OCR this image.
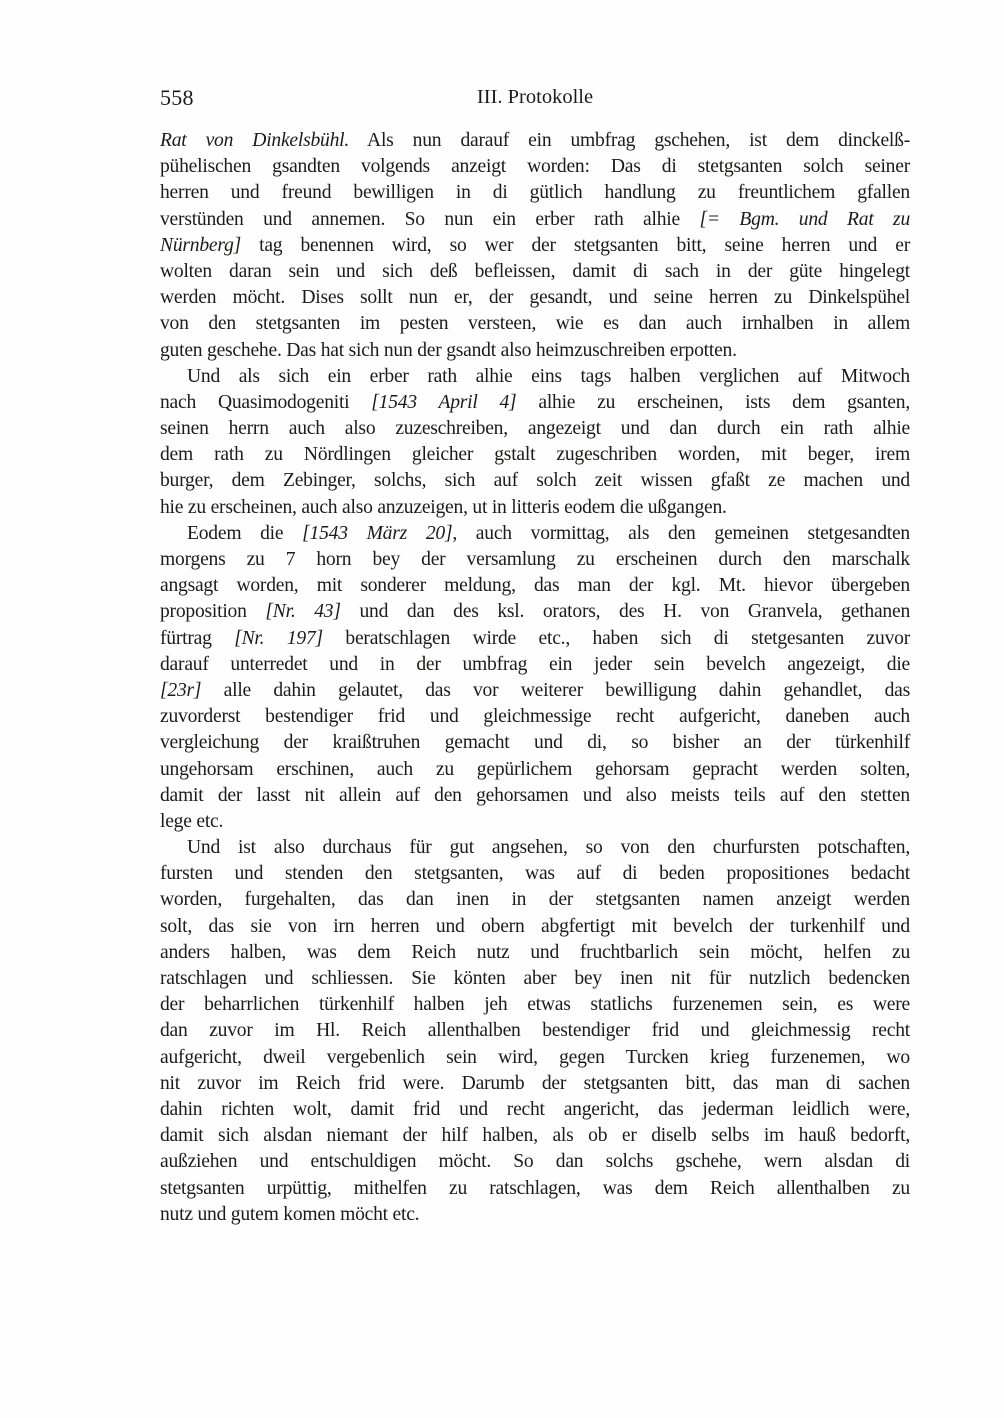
558	III. Protokolle
Rat von Dinkelsbühl. Als nun darauf ein umbfrag gschehen, ist dem dinckelß-
pühelischen gsandten volgends anzeigt worden: Das di stetgsanten solch seiner
herren und freund bewilligen in di gütlich handlung zu freuntlichem gfallen
verstünden und annemen. So nun ein erber rath alhie [= Bgm. und Rat zu
Nürnberg] tag benennen wird, so wer der stetgsanten bitt, seine herren und er
wolten daran sein und sich deß befleissen, damit di sach in der güte hingelegt
werden möcht. Dises sollt nun er, der gesandt, und seine herren zu Dinkelspühel
von den stetgsanten im pesten versteen, wie es dan auch irnhalben in allem
guten geschehe. Das hat sich nun der gsandt also heimzuschreiben erpotten.
Und als sich ein erber rath alhie eins tags halben verglichen auf Mitwoch
nach Quasimodogeniti [1543 April 4] alhie zu erscheinen, ists dem gsanten,
seinen herrn auch also zuzeschreiben, angezeigt und dan durch ein rath alhie
dem rath zu Nördlingen gleicher gstalt zugeschriben worden, mit beger, irem
burger, dem Zebinger, solchs, sich auf solch zeit wissen gfaßt ze machen und
hie zu erscheinen, auch also anzuzeigen, ut in litteris eodem die ußgangen.
Eodem die [1543 März 20], auch vormittag, als den gemeinen stetgesandten
morgens zu 7 horn bey der versamlung zu erscheinen durch den marschalk
angsagt worden, mit sonderer meldung, das man der kgl. Mt. hievor übergeben
proposition [Nr. 43] und dan des ksl. orators, des H. von Granvela, gethanen
fürtrag [Nr. 197] beratschlagen wirde etc., haben sich di stetgesanten zuvor
darauf unterredet und in der umbfrag ein jeder sein bevelch angezeigt, die
[23r] alle dahin gelautet, das vor weiterer bewilligung dahin gehandlet, das
zuvorderst bestendiger frid und gleichmessige recht aufgericht, daneben auch
vergleichung der kraißtruhen gemacht und di, so bisher an der türkenhilf
ungehorsam erschinen, auch zu gepürlichem gehorsam gepracht werden solten,
damit der lasst nit allein auf den gehorsamen und also meists teils auf den stetten
lege etc.
Und ist also durchaus für gut angsehen, so von den churfursten potschaften,
fursten und stenden den stetgsanten, was auf di beden propositiones bedacht
worden, furgehalten, das dan inen in der stetgsanten namen anzeigt werden
solt, das sie von irn herren und obern abgfertigt mit bevelch der turkenhilf und
anders halben, was dem Reich nutz und fruchtbarlich sein möcht, helfen zu
ratschlagen und schliessen. Sie könten aber bey inen nit für nutzlich bedencken
der beharrlichen türkenhilf halben jeh etwas statlichs furzenemen sein, es were
dan zuvor im Hl. Reich allenthalben bestendiger frid und gleichmessig recht
aufgericht, dweil vergebenlich sein wird, gegen Turcken krieg furzenemen, wo
nit zuvor im Reich frid were. Darumb der stetgsanten bitt, das man di sachen
dahin richten wolt, damit frid und recht angericht, das jederman leidlich were,
damit sich alsdan niemant der hilf halben, als ob er diselb selbs im hauß bedorft,
außziehen und entschuldigen möcht. So dan solchs gschehe, wern alsdan di
stetgsanten urpüttig, mithelfen zu ratschlagen, was dem Reich allenthalben zu
nutz und gutem komen möcht etc.
